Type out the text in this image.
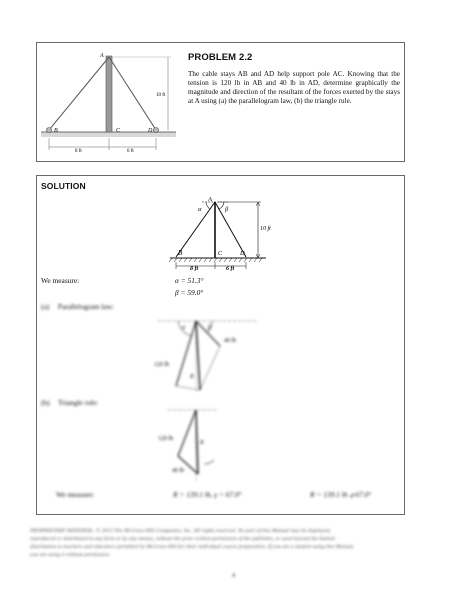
A
B	C	D
10 ft
8 ft	6 ft
PROBLEM 2.2
The cable stays AB and AD help support pole AC. Knowing that the tension is 120 lb in AB and 40 lb in AD, determine graphically the magnitude and direction of the resultant of the forces exerted by the stays at A using (a) the parallelogram law, (b) the triangle rule.
SOLUTION
A
α	β
B	C	D
10 ft
8 ft	6 ft
We measure:	α = 51.3°
β = 59.0°
(a) Parallelogram law:
α	β
40 lb
120 lb
R
(b) Triangle rule:
120 lb
40 lb
R
We measure:	R = 139.1 lb, γ = 67.0°	R = 139.1 lb ⦨ 67.0°
PROPRIETARY MATERIAL. © 2013 The McGraw-Hill Companies, Inc. All rights reserved. No part of this Manual may be displayed,
reproduced or distributed in any form or by any means, without the prior written permission of the publisher, or used beyond the limited
distribution to teachers and educators permitted by McGraw-Hill for their individual course preparation. If you are a student using this Manual,
you are using it without permission.
4
